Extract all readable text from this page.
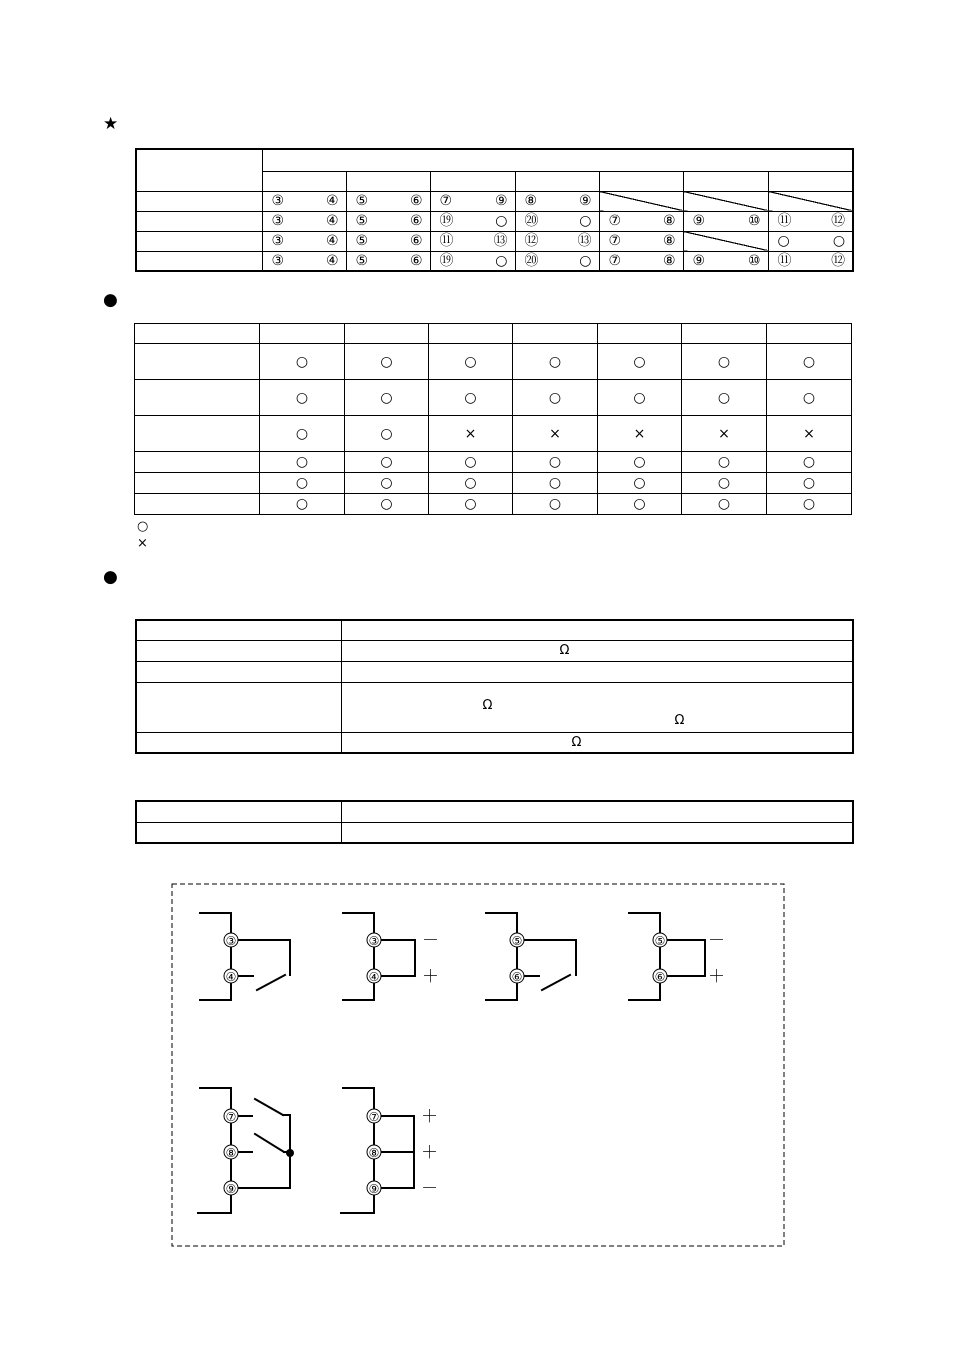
★
●
●

	③ ④	⑤ ⑥	⑦ ⑨	⑧ ⑨			

	③ ④	⑤ ⑥	⑲ ○	⑳ ○	⑦ ⑧	⑨ ⑩	⑪ ⑫

	③ ④	⑤ ⑥	⑪ ⑬	⑫ ⑬	⑦ ⑧		○ ○

	③ ④	⑤ ⑥	⑲ ○	⑳ ○	⑦ ⑧	⑨ ⑩	⑪ ⑫

	○	○	○	○	○	○	○
	○	○	○	○	○	○	○
	○	○	×	×	×	×	×
	○	○	○	○	○	○	○
	○	○	○	○	○	○	○
	○	○	○	○	○	○	○
○
×

	Ω

	Ω
Ω

	Ω

③
④
③
④
⑤
⑥
⑤
⑥
⑦
⑧
⑨
⑦
⑧
⑨
－
＋
－
＋
＋
＋
－
